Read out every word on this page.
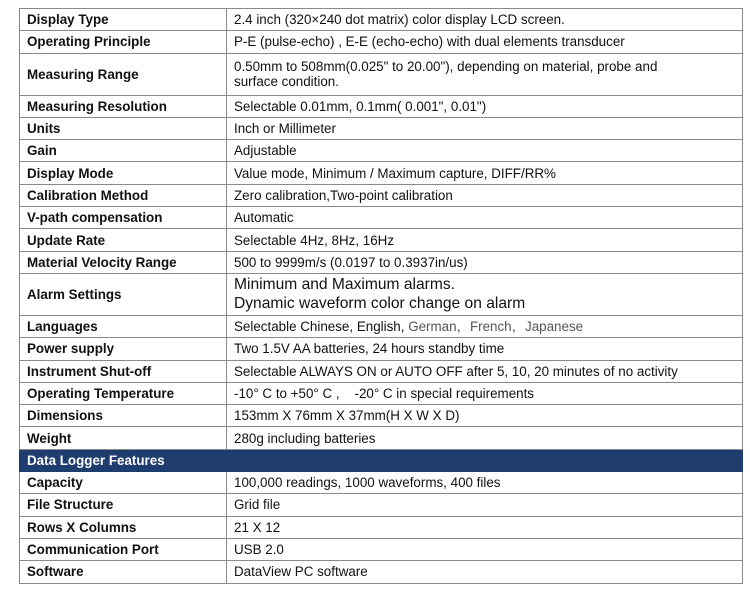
Display Type	2.4 inch (320×240 dot matrix) color display LCD screen.
Operating Principle	P-E (pulse-echo) , E-E (echo-echo) with dual elements transducer
Measuring Range	0.50mm to 508mm(0.025" to 20.00"), depending on material, probe and
surface condition.

Measuring Resolution	Selectable 0.01mm, 0.1mm( 0.001", 0.01")
Units	Inch or Millimeter
Gain	Adjustable
Display Mode	Value mode, Minimum / Maximum capture, DIFF/RR%
Calibration Method	Zero calibration,Two-point calibration
V-path compensation	Automatic
Update Rate	Selectable 4Hz, 8Hz, 16Hz
Material Velocity Range	500 to 9999m/s (0.0197 to 0.3937in/us)
Alarm Settings	Minimum and Maximum alarms.
Dynamic waveform color change on alarm

Languages	Selectable Chinese, English, German，French，Japanese
Power supply	Two 1.5V AA batteries, 24 hours standby time
Instrument Shut-off	Selectable ALWAYS ON or AUTO OFF after 5, 10, 20 minutes of no activity
Operating Temperature	-10° C to +50° C ,    -20° C in special requirements
Dimensions	153mm X 76mm X 37mm(H X W X D)
Weight	280g including batteries
Data Logger Features	
Capacity	100,000 readings, 1000 waveforms, 400 files
File Structure	Grid file
Rows X Columns	21 X 12
Communication Port	USB 2.0
Software	DataView PC software
